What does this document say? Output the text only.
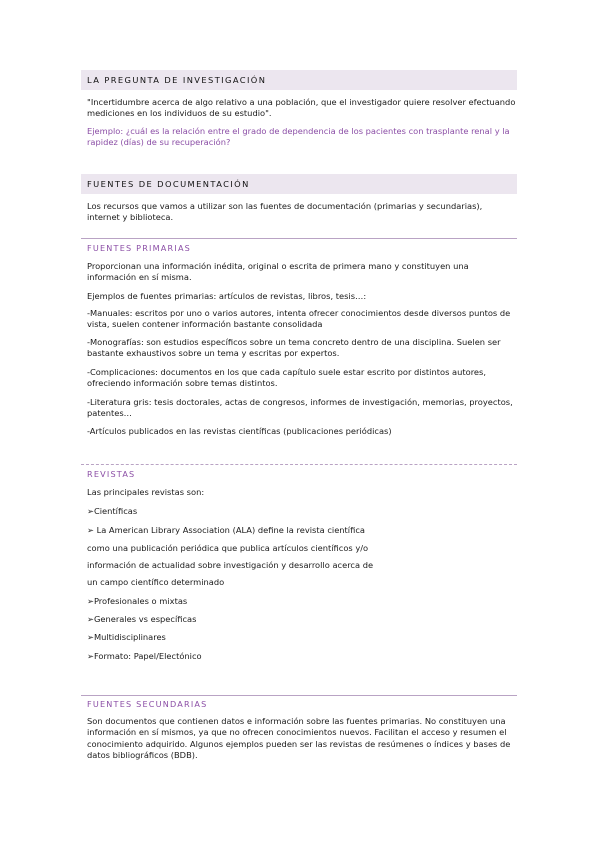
LA PREGUNTA DE INVESTIGACIÓN

"Incertidumbre acerca de algo relativo a una población, que el investigador quiere resolver efectuando mediciones en los individuos de su estudio".

Ejemplo: ¿cuál es la relación entre el grado de dependencia de los pacientes con trasplante renal y la rapidez (días) de su recuperación?

FUENTES DE DOCUMENTACIÓN

Los recursos que vamos a utilizar son las fuentes de documentación (primarias y secundarias), internet y biblioteca.

FUENTES PRIMARIAS

Proporcionan una información inédita, original o escrita de primera mano y constituyen una información en sí misma.

Ejemplos de fuentes primarias: artículos de revistas, libros, tesis…:

-Manuales: escritos por uno o varios autores, intenta ofrecer conocimientos desde diversos puntos de vista, suelen contener información bastante consolidada

-Monografías: son estudios específicos sobre un tema concreto dentro de una disciplina. Suelen ser bastante exhaustivos sobre un tema y escritas por expertos.

-Complicaciones: documentos en los que cada capítulo suele estar escrito por distintos autores, ofreciendo información sobre temas distintos.

-Literatura gris: tesis doctorales, actas de congresos, informes de investigación, memorias, proyectos, patentes…

-Artículos publicados en las revistas científicas (publicaciones periódicas)

REVISTAS
Las principales revistas son:
➢Científicas
➢ La American Library Association (ALA) define la revista científica
como una publicación periódica que publica artículos científicos y/o
información de actualidad sobre investigación y desarrollo acerca de
un campo científico determinado
➢Profesionales o mixtas
➢Generales vs específicas
➢Multidisciplinares
➢Formato: Papel/Electónico
FUENTES SECUNDARIAS

Son documentos que contienen datos e información sobre las fuentes primarias. No constituyen una información en sí mismos, ya que no ofrecen conocimientos nuevos. Facilitan el acceso y resumen el conocimiento adquirido. Algunos ejemplos pueden ser las revistas de resúmenes o índices y bases de datos bibliográficos (BDB).
